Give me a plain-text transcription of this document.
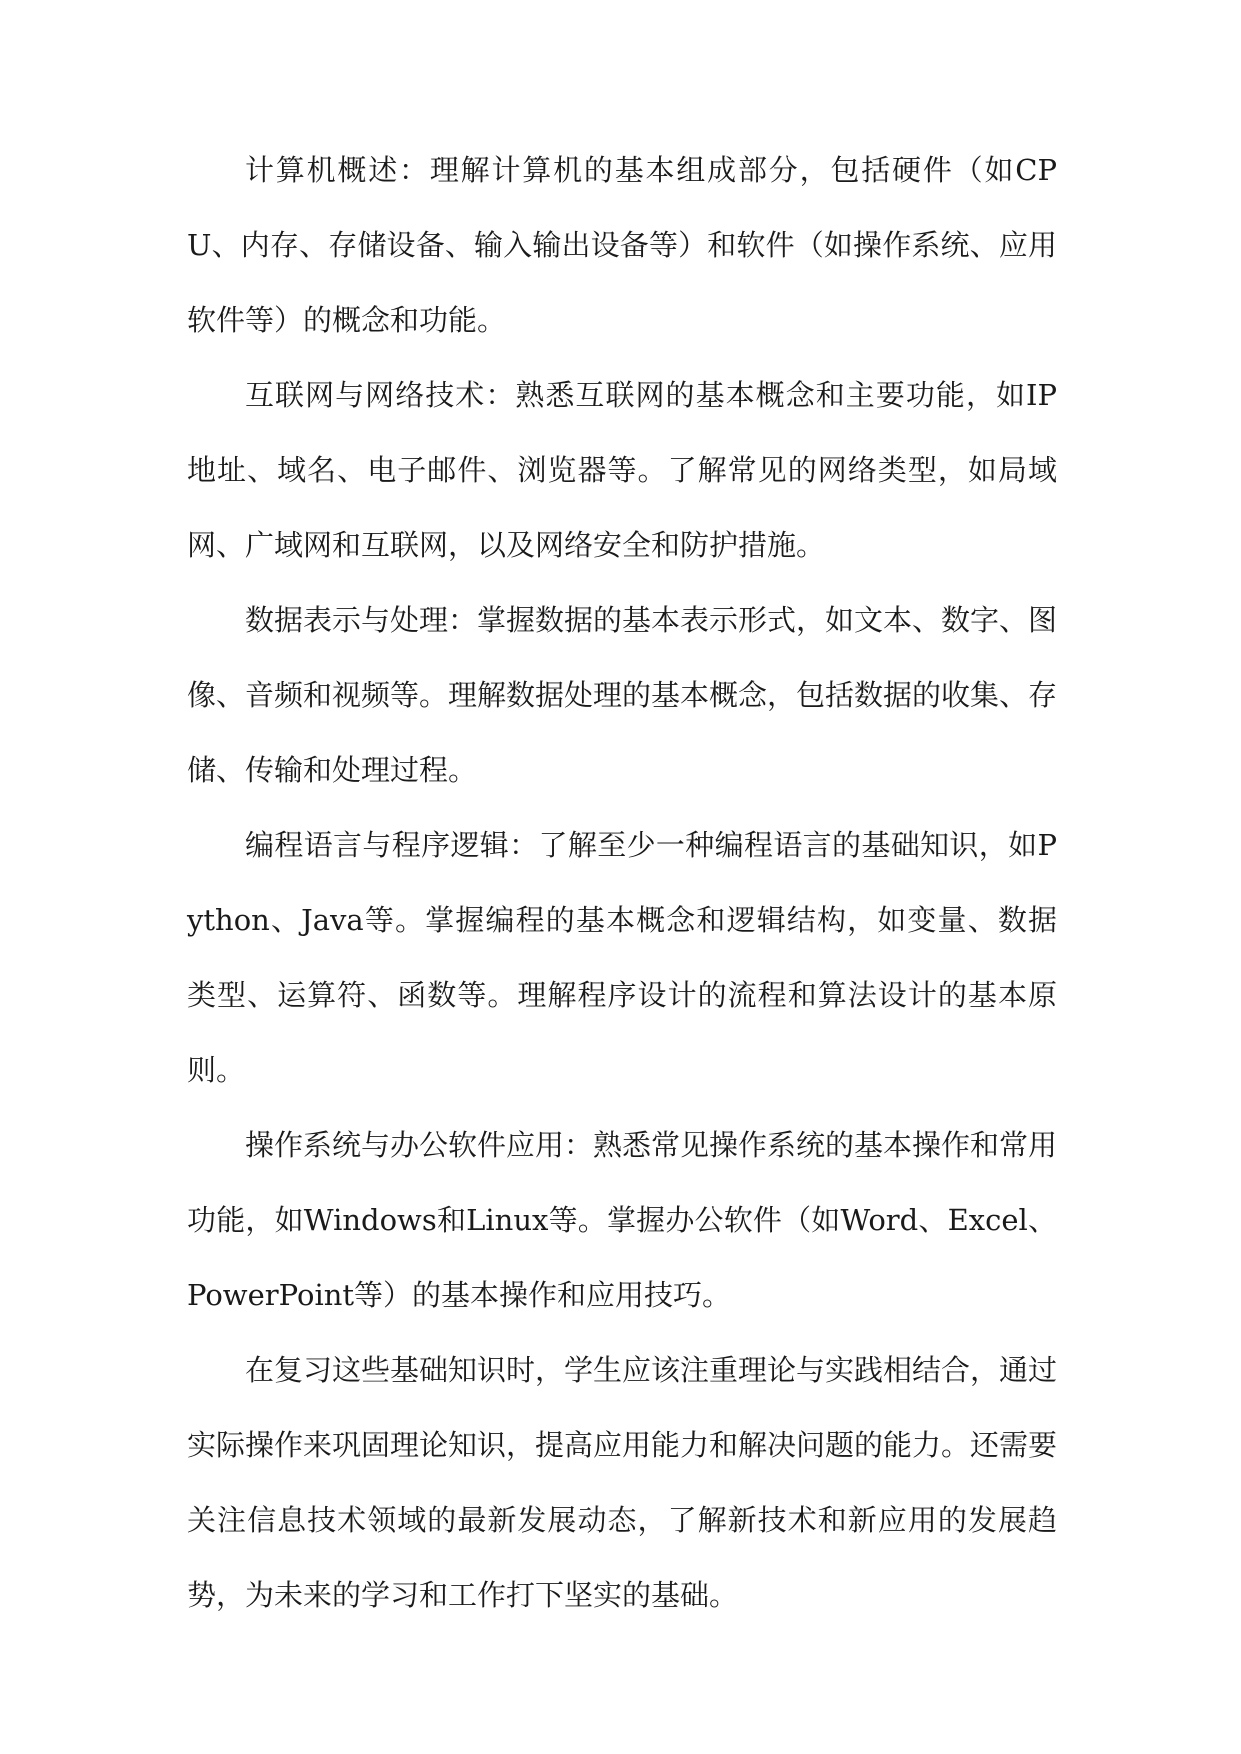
计算机概述：理解计算机的基本组成部分，包括硬件（如CPU、内存、存储设备、输入输出设备等）和软件（如操作系统、应用软件等）的概念和功能。

互联网与网络技术：熟悉互联网的基本概念和主要功能，如IP地址、域名、电子邮件、浏览器等。了解常见的网络类型，如局域网、广域网和互联网，以及网络安全和防护措施。

数据表示与处理：掌握数据的基本表示形式，如文本、数字、图像、音频和视频等。理解数据处理的基本概念，包括数据的收集、存储、传输和处理过程。

编程语言与程序逻辑：了解至少一种编程语言的基础知识，如Python、Java等。掌握编程的基本概念和逻辑结构，如变量、数据类型、运算符、函数等。理解程序设计的流程和算法设计的基本原则。

操作系统与办公软件应用：熟悉常见操作系统的基本操作和常用功能，如Windows和Linux等。掌握办公软件（如Word、Excel、PowerPoint等）的基本操作和应用技巧。

在复习这些基础知识时，学生应该注重理论与实践相结合，通过实际操作来巩固理论知识，提高应用能力和解决问题的能力。还需要关注信息技术领域的最新发展动态，了解新技术和新应用的发展趋势，为未来的学习和工作打下坚实的基础。
